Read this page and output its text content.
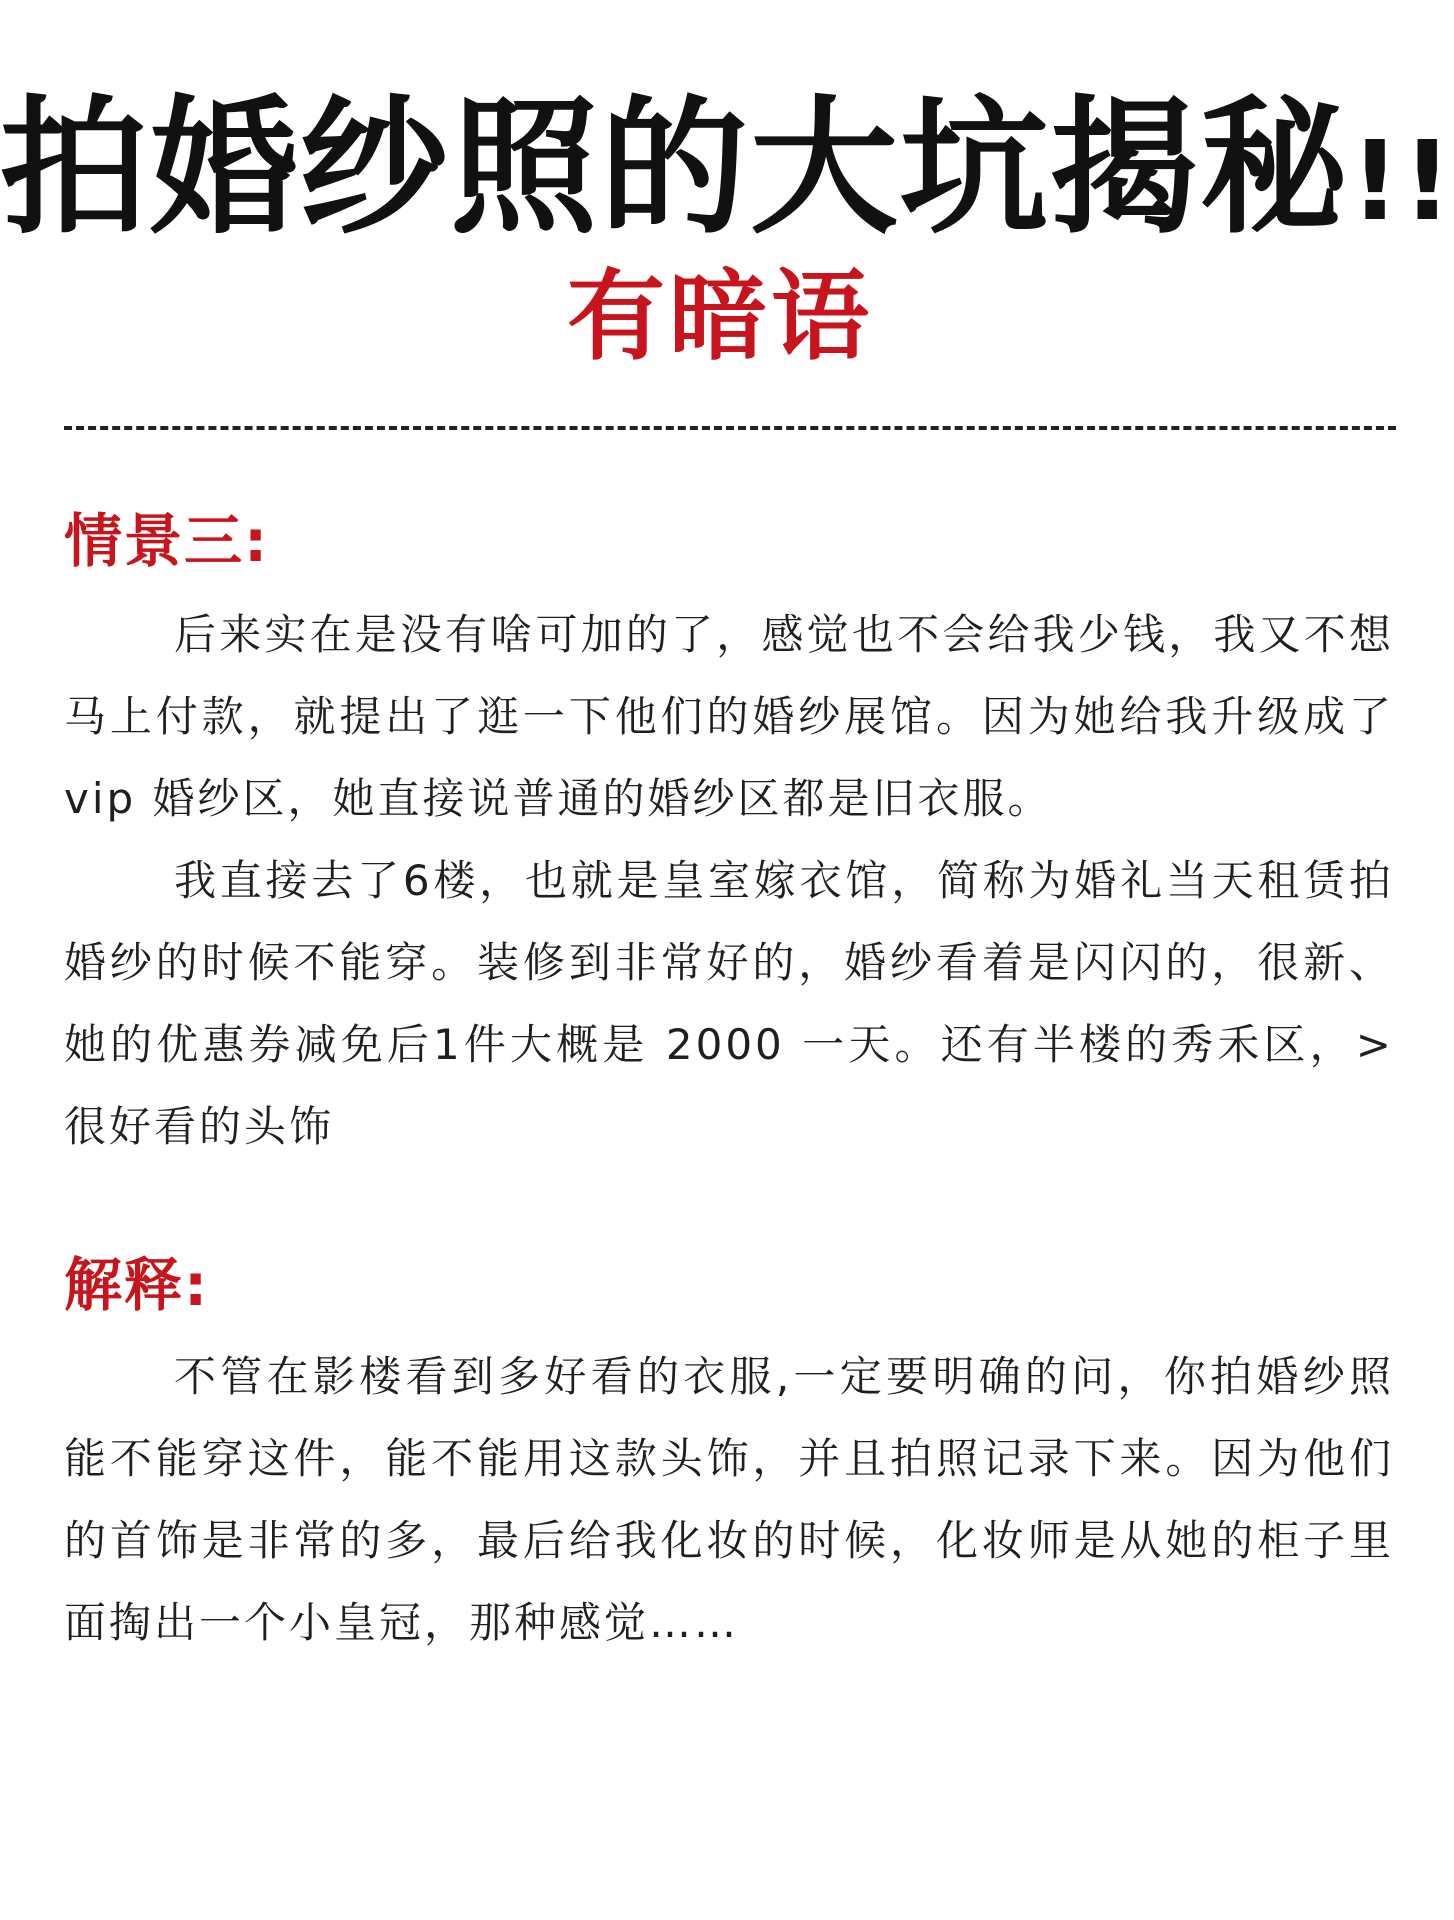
拍婚纱照的大坑揭秘!!
有暗语
情景三:
后来实在是没有啥可加的了，感觉也不会给我少钱，我又不想马上付款，就提出了逛一下他们的婚纱展馆。因为她给我升级成了vip 婚纱区，她直接说普通的婚纱区都是旧衣服。
我直接去了6楼，也就是皇室嫁衣馆，简称为婚礼当天租赁拍婚纱的时候不能穿。装修到非常好的，婚纱看着是闪闪的，很新、她的优惠券减免后1件大概是 2000 一天。还有半楼的秀禾区，>很好看的头饰
解释:
不管在影楼看到多好看的衣服,一定要明确的问，你拍婚纱照能不能穿这件，能不能用这款头饰，并且拍照记录下来。因为他们的首饰是非常的多，最后给我化妆的时候，化妆师是从她的柜子里面掏出一个小皇冠，那种感觉……
